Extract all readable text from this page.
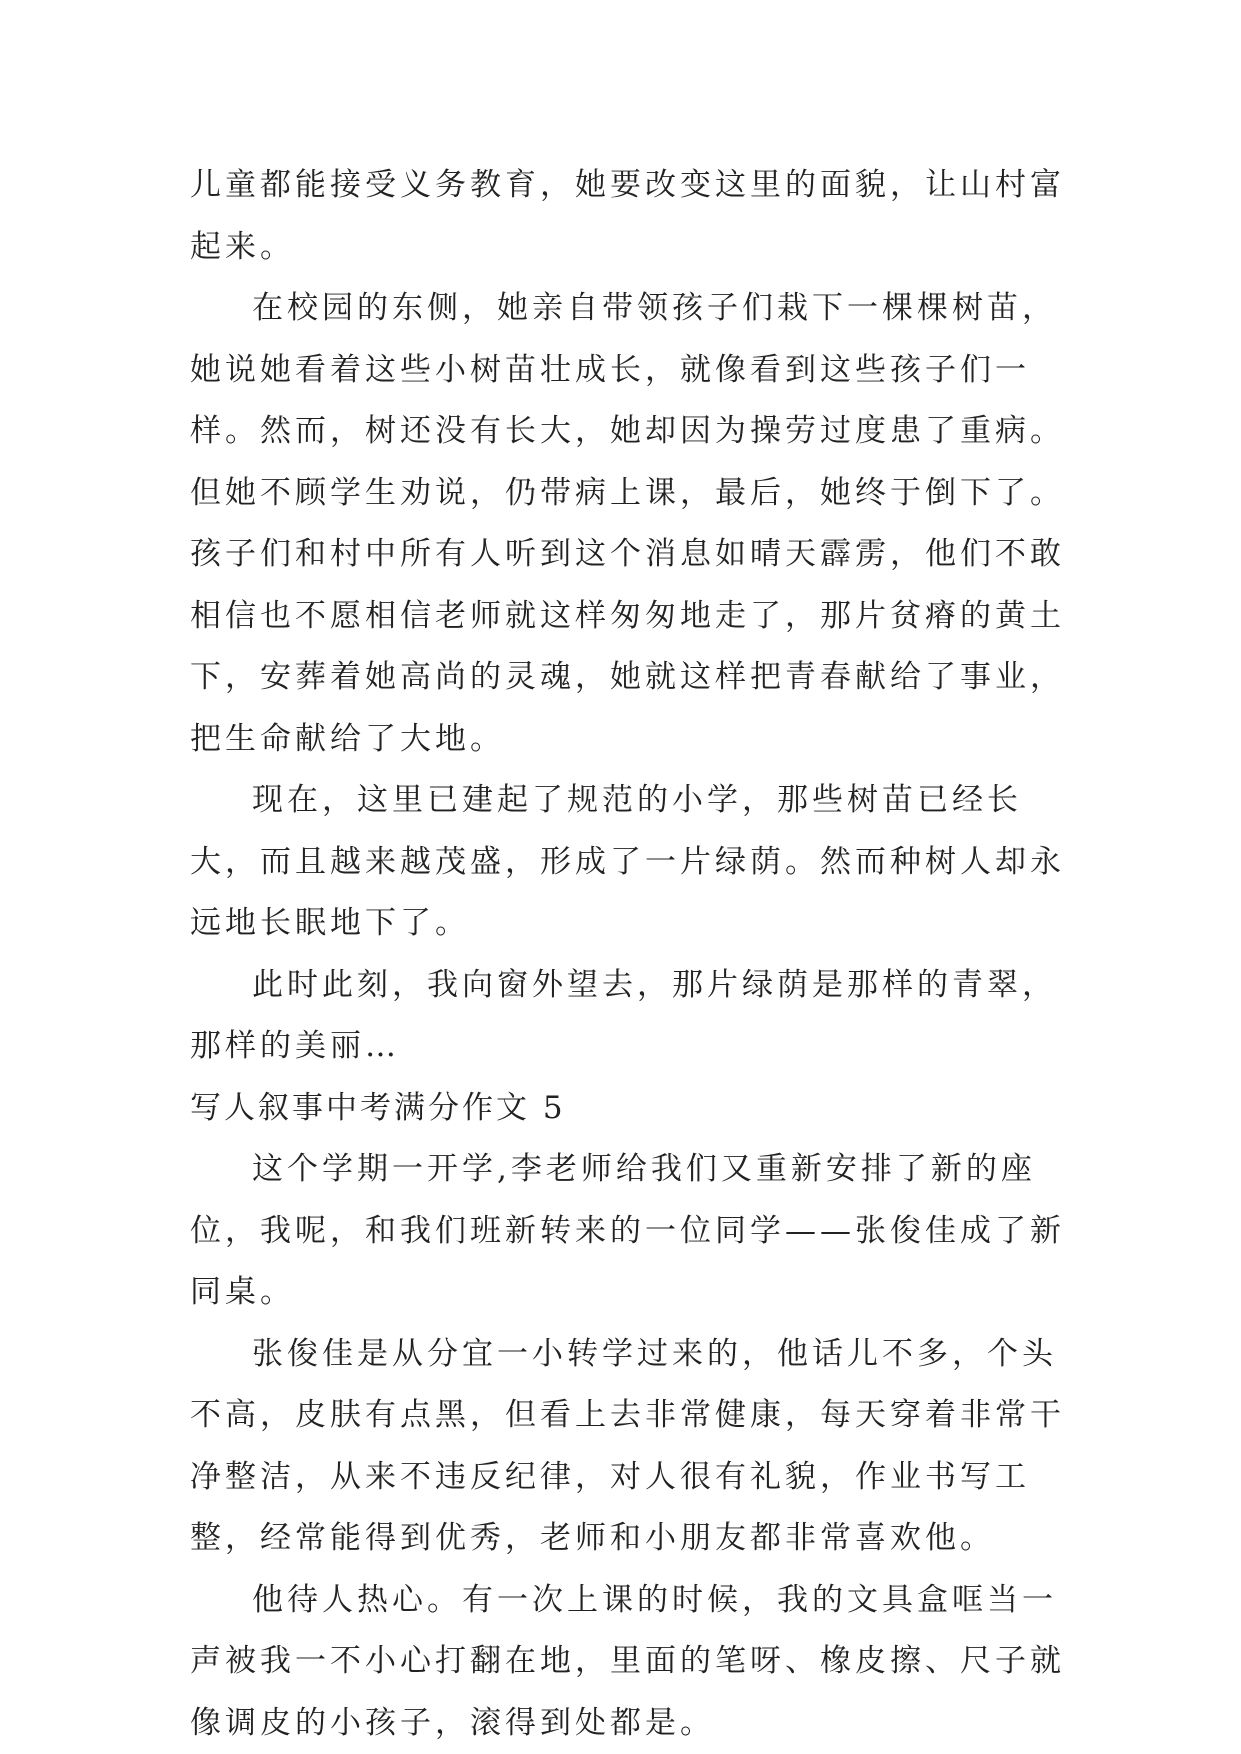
儿童都能接受义务教育，她要改变这里的面貌，让山村富起来。

在校园的东侧，她亲自带领孩子们栽下一棵棵树苗，她说她看着这些小树苗壮成长，就像看到这些孩子们一样。然而，树还没有长大，她却因为操劳过度患了重病。但她不顾学生劝说，仍带病上课，最后，她终于倒下了。孩子们和村中所有人听到这个消息如晴天霹雳，他们不敢相信也不愿相信老师就这样匆匆地走了，那片贫瘠的黄土下，安葬着她高尚的灵魂，她就这样把青春献给了事业，把生命献给了大地。

现在，这里已建起了规范的小学，那些树苗已经长大，而且越来越茂盛，形成了一片绿荫。然而种树人却永远地长眠地下了。

此时此刻，我向窗外望去，那片绿荫是那样的青翠，那样的美丽…

写人叙事中考满分作文 5

这个学期一开学,李老师给我们又重新安排了新的座位，我呢，和我们班新转来的一位同学——张俊佳成了新同桌。

张俊佳是从分宜一小转学过来的，他话儿不多，个头不高，皮肤有点黑，但看上去非常健康，每天穿着非常干净整洁，从来不违反纪律，对人很有礼貌，作业书写工整，经常能得到优秀，老师和小朋友都非常喜欢他。

他待人热心。有一次上课的时候，我的文具盒哐当一声被我一不小心打翻在地，里面的笔呀、橡皮擦、尺子就像调皮的小孩子，滚得到处都是。
